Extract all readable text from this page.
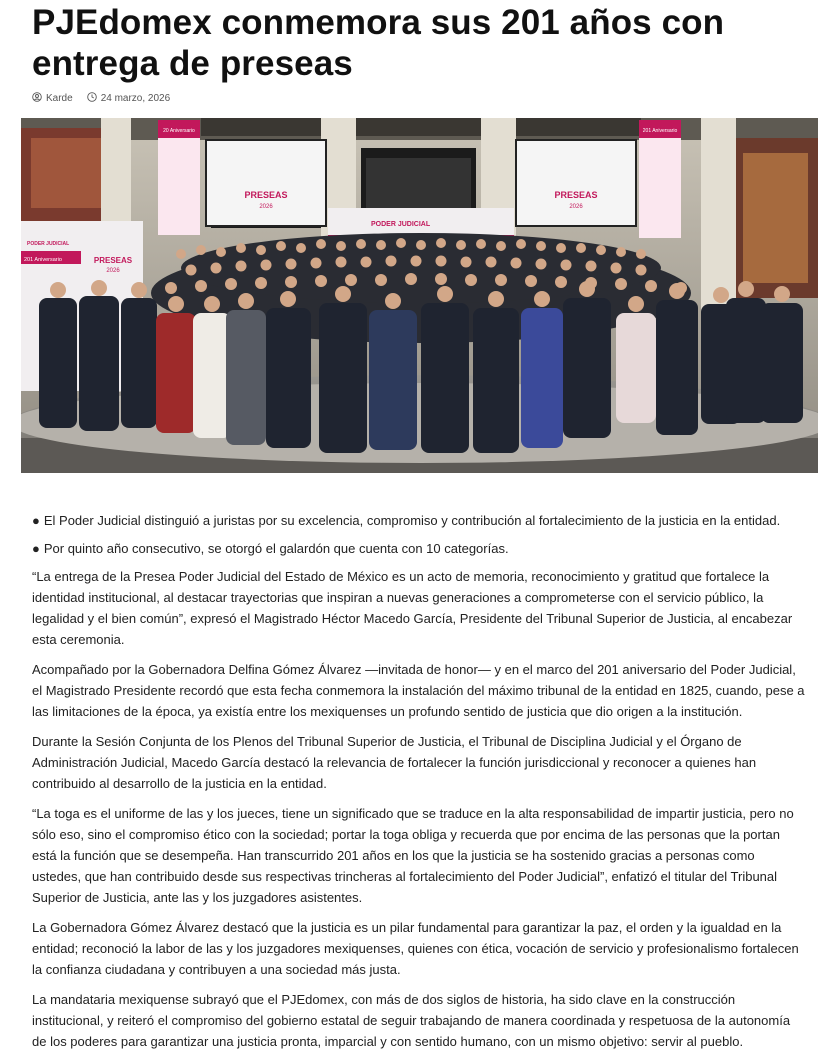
PJEdomex conmemora sus 201 años con entrega de preseas
Karde	24 marzo, 2026
PRESEAS
2026
PRESEAS
2026
20 Aniversario	201 Aniversario
PODER JUDICIAL
201 Aniversario	PRESEAS
2026
PODER JUDICIAL

● El Poder Judicial distinguió a juristas por su excelencia, compromiso y contribución al fortalecimiento de la justicia en la entidad.

● Por quinto año consecutivo, se otorgó el galardón que cuenta con 10 categorías.

“La entrega de la Presea Poder Judicial del Estado de México es un acto de memoria, reconocimiento y gratitud que fortalece la identidad institucional, al destacar trayectorias que inspiran a nuevas generaciones a comprometerse con el servicio público, la legalidad y el bien común”, expresó el Magistrado Héctor Macedo García, Presidente del Tribunal Superior de Justicia, al encabezar esta ceremonia.

Acompañado por la Gobernadora Delfina Gómez Álvarez —invitada de honor— y en el marco del 201 aniversario del Poder Judicial, el Magistrado Presidente recordó que esta fecha conmemora la instalación del máximo tribunal de la entidad en 1825, cuando, pese a las limitaciones de la época, ya existía entre los mexiquenses un profundo sentido de justicia que dio origen a la institución.

Durante la Sesión Conjunta de los Plenos del Tribunal Superior de Justicia, el Tribunal de Disciplina Judicial y el Órgano de Administración Judicial, Macedo García destacó la relevancia de fortalecer la función jurisdiccional y reconocer a quienes han contribuido al desarrollo de la justicia en la entidad.

“La toga es el uniforme de las y los jueces, tiene un significado que se traduce en la alta responsabilidad de impartir justicia, pero no sólo eso, sino el compromiso ético con la sociedad; portar la toga obliga y recuerda que por encima de las personas que la portan está la función que se desempeña. Han transcurrido 201 años en los que la justicia se ha sostenido gracias a personas como ustedes, que han contribuido desde sus respectivas trincheras al fortalecimiento del Poder Judicial”, enfatizó el titular del Tribunal Superior de Justicia, ante las y los juzgadores asistentes.

La Gobernadora Gómez Álvarez destacó que la justicia es un pilar fundamental para garantizar la paz, el orden y la igualdad en la entidad; reconoció la labor de las y los juzgadores mexiquenses, quienes con ética, vocación de servicio y profesionalismo fortalecen la confianza ciudadana y contribuyen a una sociedad más justa.

La mandataria mexiquense subrayó que el PJEdomex, con más de dos siglos de historia, ha sido clave en la construcción institucional, y reiteró el compromiso del gobierno estatal de seguir trabajando de manera coordinada y respetuosa de la autonomía de los poderes para garantizar una justicia pronta, imparcial y con sentido humano, con un mismo objetivo: servir al pueblo.
